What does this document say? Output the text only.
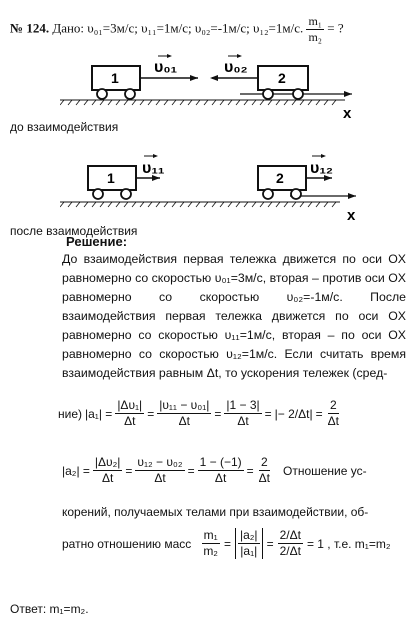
№ 124. Дано: υ₀₁=3м/с; υ₁₁=1м/с; υ₀₂=-1м/с; υ₁₂=1м/с. $\frac{\text{m₁}}{\text{m₂}}$ = ?
x
1
υ₀₁	υ₀₂
2
до взаимодействия
x
1
υ₁₁
2
υ₁₂
после взаимодействия
Решение:
До взаимодействия первая тележка движется по оси OX равномерно со скоростью υ₀₁=3м/с, вторая – против оси OX равномерно со скоростью υ₀₂=-1м/с. После взаимодействия первая тележка движется по оси OX равномерно со скоростью υ₁₁=1м/с, вторая – по оси OX равномерно со скоростью υ₁₂=1м/с. Если считать время взаимодействия равным Δt, то ускорения тележек (сред-
ние) $|a_1| = \frac{\text{|Δυ₁|}}{\Delta t} = \frac{\text{|υ₁₁ − υ₀₁|}}{\Delta t} = \frac{|1 - 3|}{\Delta t}$ = |− $2/\Delta t| = \frac{2}{\Delta t}$
$|a_2| = \frac{\text{|Δυ₂|}}{\Delta t} = \frac{\text{υ₁₂ − υ₀₂}}{\Delta t} = \frac{1 - (-1)}{\Delta t} = \frac{2}{\Delta t}$ Отношение ус-
корений, получаемых телами при взаимодействии, об-
ратно отношению масс $\frac{\text{m₁}}{\text{m₂}} = \frac{\text{|a₂|}}{\text{|a₁|}} = \frac{2/\Delta t}{2/\Delta t} = 1$ , т.е. m₁=m₂
Ответ: m₁=m₂.
